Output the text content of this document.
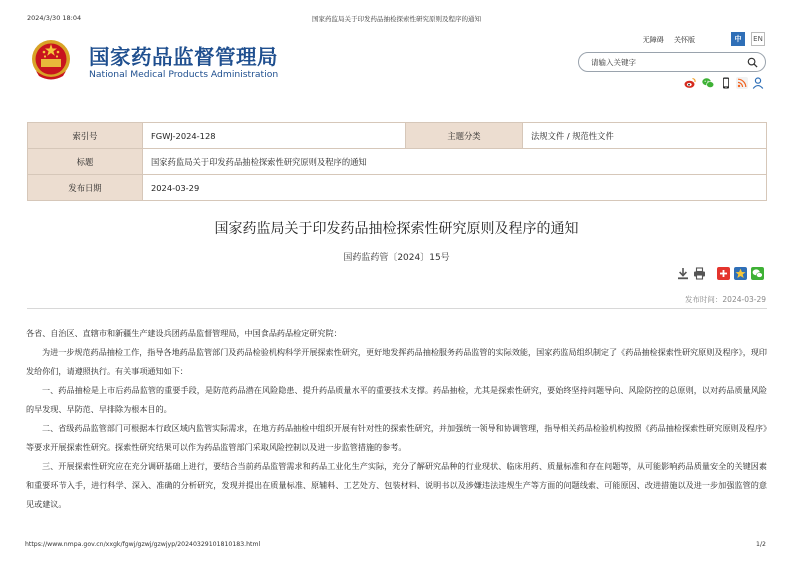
2024/3/30 18:04	国家药监局关于印发药品抽检探索性研究原则及程序的通知
国家药品监督管理局
National Medical Products Administration
无障碍 关怀版	中	EN
请输入关键字
索引号	FGWJ-2024-128	主题分类	法规文件 / 规范性文件
标题	国家药监局关于印发药品抽检探索性研究原则及程序的通知		
发布日期	2024-03-29		
国家药监局关于印发药品抽检探索性研究原则及程序的通知
国药监药管〔2024〕15号
发布时间：2024-03-29

各省、自治区、直辖市和新疆生产建设兵团药品监督管理局，中国食品药品检定研究院：

为进一步规范药品抽检工作，指导各地药品监管部门及药品检验机构科学开展探索性研究，更好地发挥药品抽检服务药品监管的实际效能，国家药监局组织制定了《药品抽检探索性研究原则及程序》，现印发给你们，请遵照执行。有关事项通知如下：

一、药品抽检是上市后药品监管的重要手段，是防范药品潜在风险隐患、提升药品质量水平的重要技术支撑。药品抽检，尤其是探索性研究，要始终坚持问题导向、风险防控的总原则，以对药品质量风险的早发现、早防范、早排除为根本目的。

二、省级药品监管部门可根据本行政区域内监管实际需求，在地方药品抽检中组织开展有针对性的探索性研究，并加强统一领导和协调管理，指导相关药品检验机构按照《药品抽检探索性研究原则及程序》等要求开展探索性研究。探索性研究结果可以作为药品监管部门采取风险控制以及进一步监管措施的参考。

三、开展探索性研究应在充分调研基础上进行，要结合当前药品监管需求和药品工业化生产实际，充分了解研究品种的行业现状、临床用药、质量标准和存在问题等，从可能影响药品质量安全的关键因素和重要环节入手，进行科学、深入、准确的分析研究，发现并提出在质量标准、原辅料、工艺处方、包装材料、说明书以及涉嫌违法违规生产等方面的问题线索、可能原因、改进措施以及进一步加强监管的意见或建议。

https://www.nmpa.gov.cn/xxgk/fgwj/gzwj/gzwjyp/20240329101810183.html	1/2
